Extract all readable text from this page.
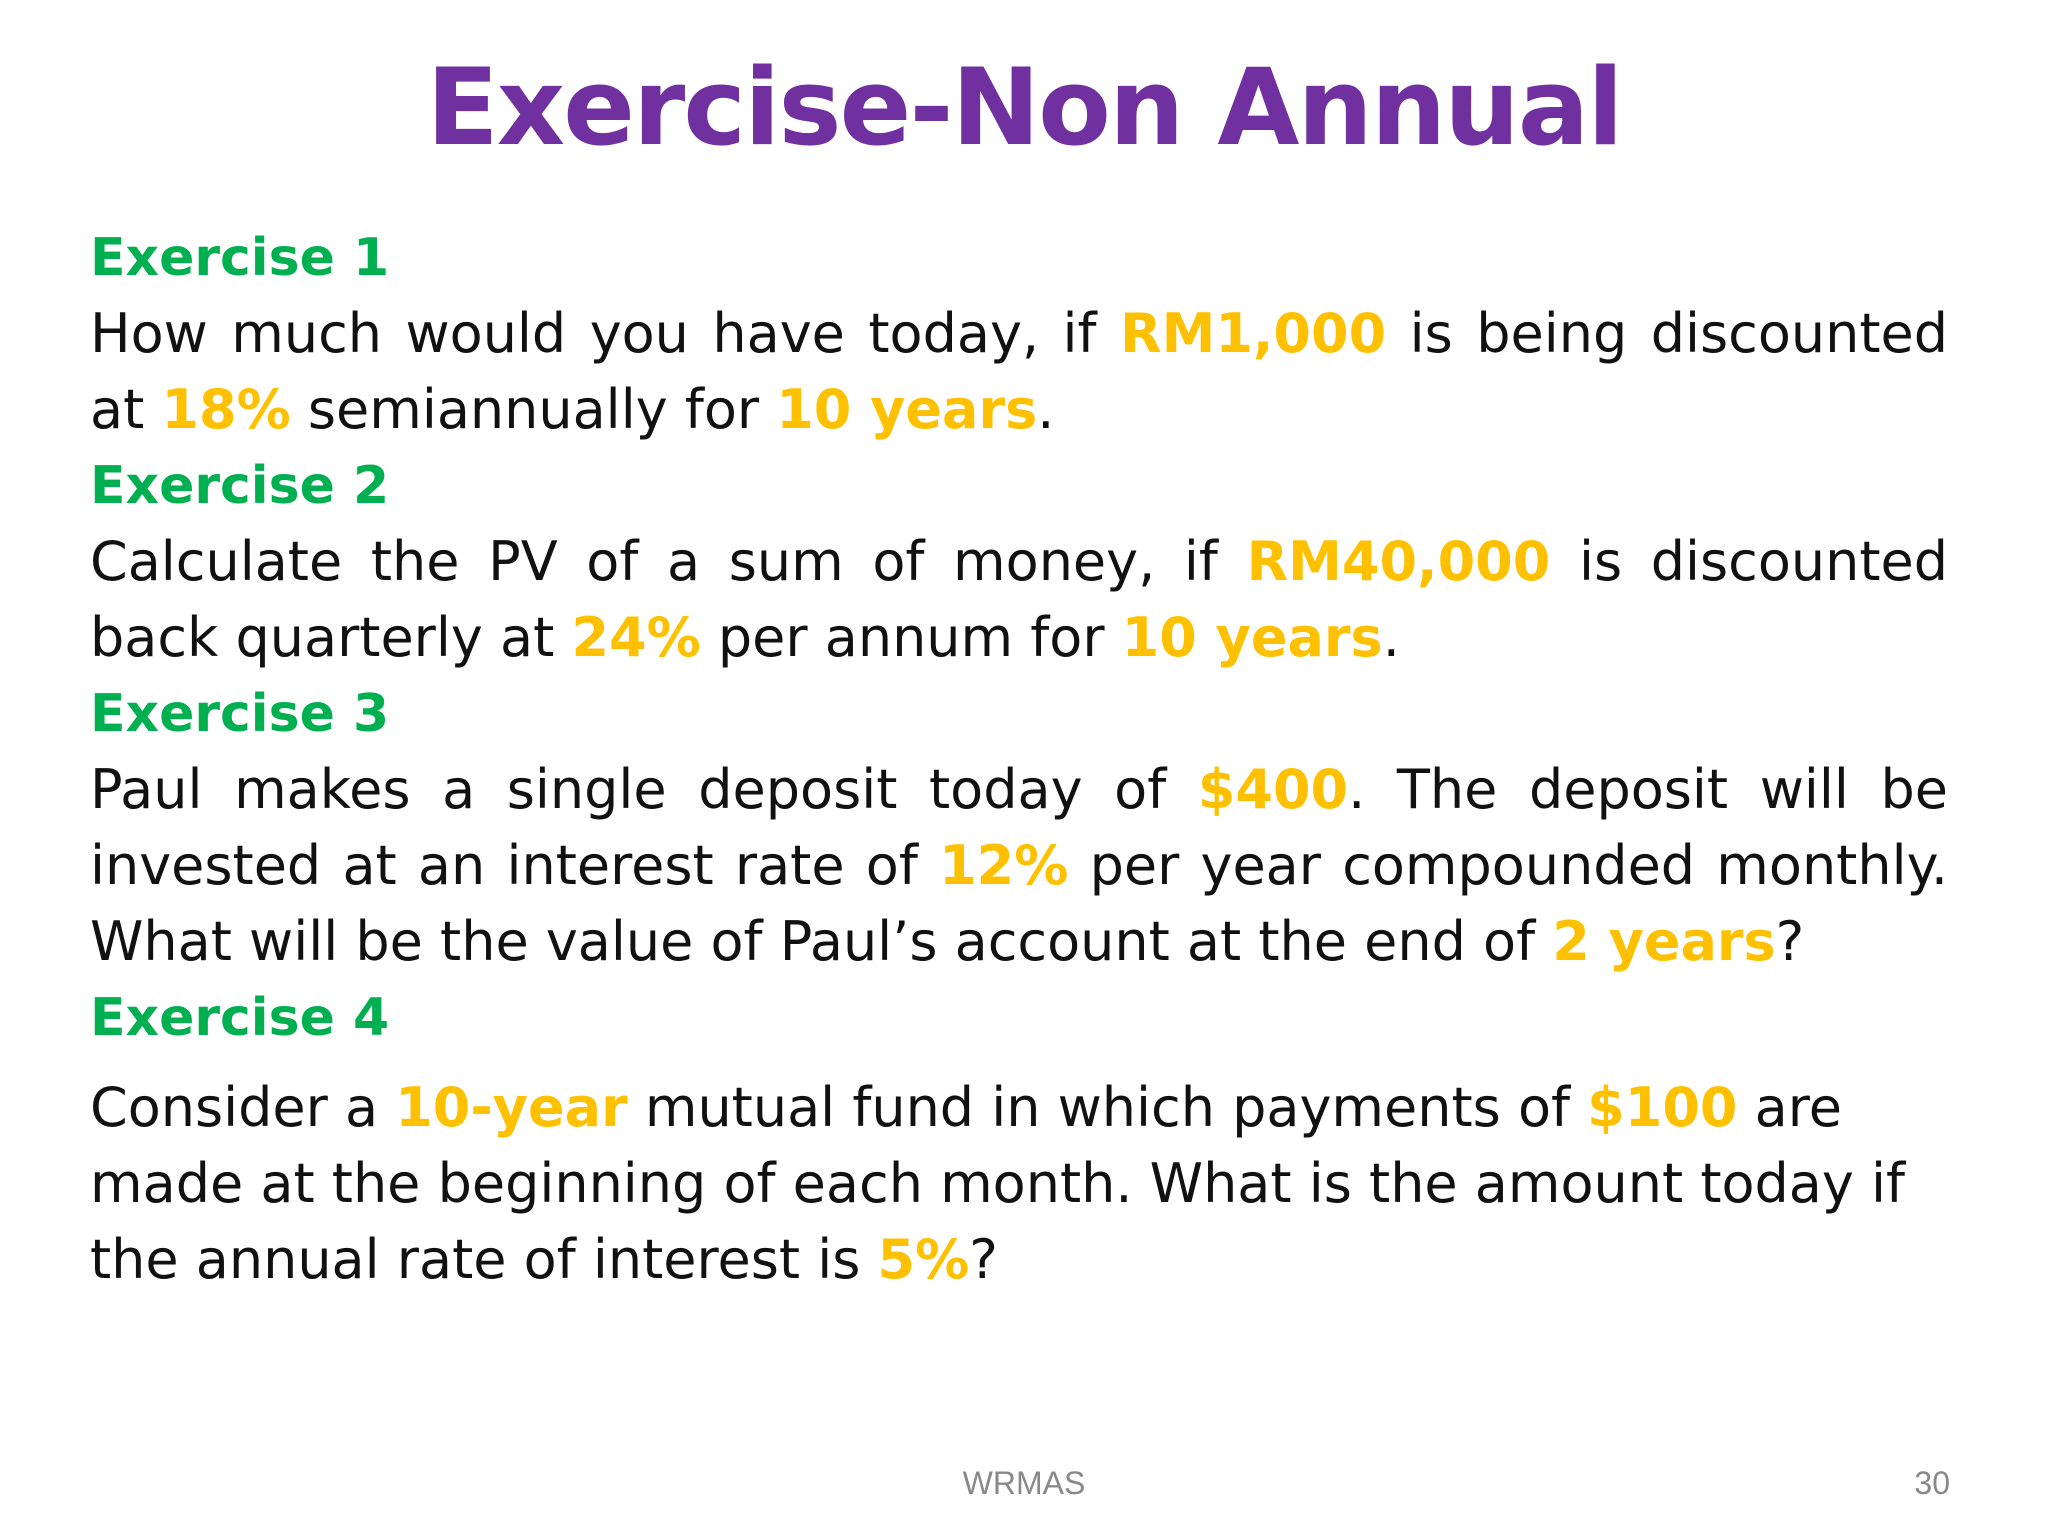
Exercise-Non Annual
Exercise 1
How much would you have today, if RM1,000 is being discounted at 18% semiannually for 10 years.
Exercise 2
Calculate the PV of a sum of money, if RM40,000 is discounted back quarterly at 24% per annum for 10 years.
Exercise 3
Paul makes a single deposit today of $400. The deposit will be invested at an interest rate of 12% per year compounded monthly. What will be the value of Paul’s account at the end of 2 years?
Exercise 4
Consider a 10-year mutual fund in which payments of $100 are made at the beginning of each month. What is the amount today if the annual rate of interest is 5%?
WRMAS	30
